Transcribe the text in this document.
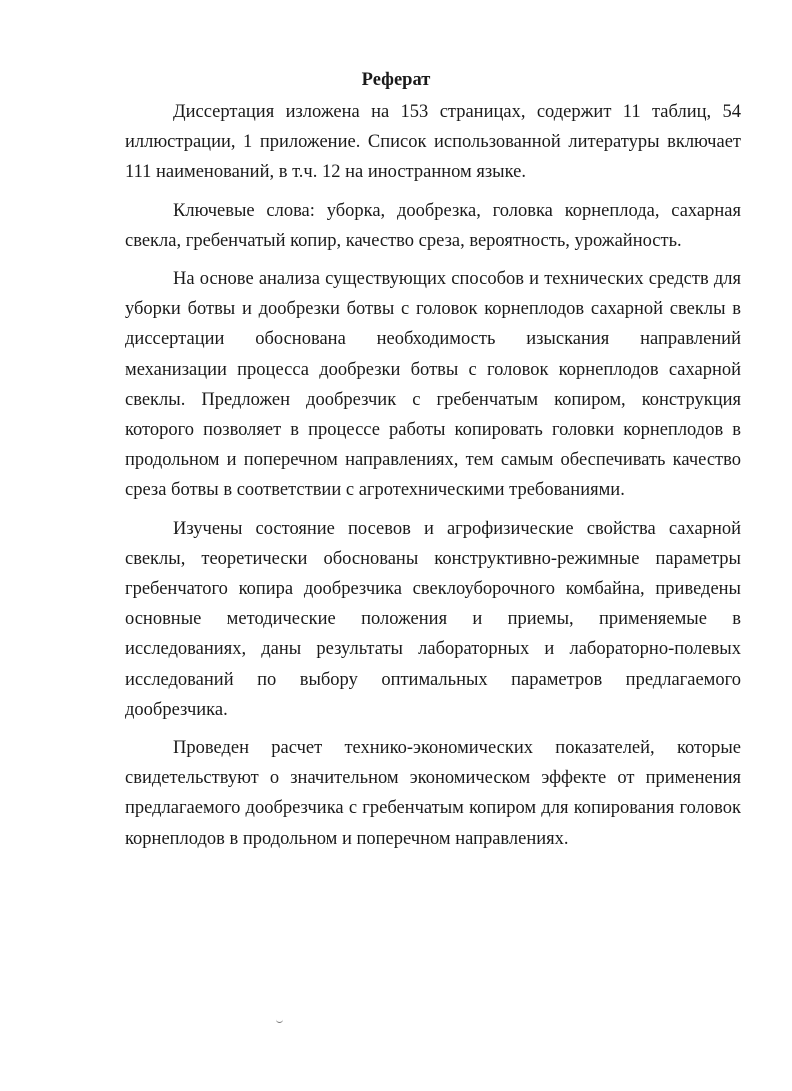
Реферат

Диссертация изложена на 153 страницах, содержит 11 таблиц, 54 иллюстрации, 1 приложение. Список использованной литературы включает 111 наименований, в т.ч. 12 на иностранном языке.

Ключевые слова: уборка, дообрезка, головка корнеплода, сахарная свекла, гребенчатый копир, качество среза, вероятность, урожайность.

На основе анализа существующих способов и технических средств для уборки ботвы и дообрезки ботвы с головок корнеплодов сахарной свеклы в диссертации обоснована необходимость изыскания направлений механизации процесса дообрезки ботвы с головок корнеплодов сахарной свеклы. Предложен дообрезчик с гребенчатым копиром, конструкция которого позволяет в процессе работы копировать головки корнеплодов в продольном и поперечном направлениях, тем самым обеспечивать качество среза ботвы в соответствии с агротехническими требованиями.

Изучены состояние посевов и агрофизические свойства сахарной свеклы, теоретически обоснованы конструктивно-режимные параметры гребенчатого копира дообрезчика свеклоуборочного комбайна, приведены основные методические положения и приемы, применяемые в исследованиях, даны результаты лабораторных и лабораторно-полевых исследований по выбору оптимальных параметров предлагаемого дообрезчика.

Проведен расчет технико-экономических показателей, которые свидетельствуют о значительном экономическом эффекте от применения предлагаемого дообрезчика с гребенчатым копиром для копирования головок корнеплодов в продольном и поперечном направлениях.
